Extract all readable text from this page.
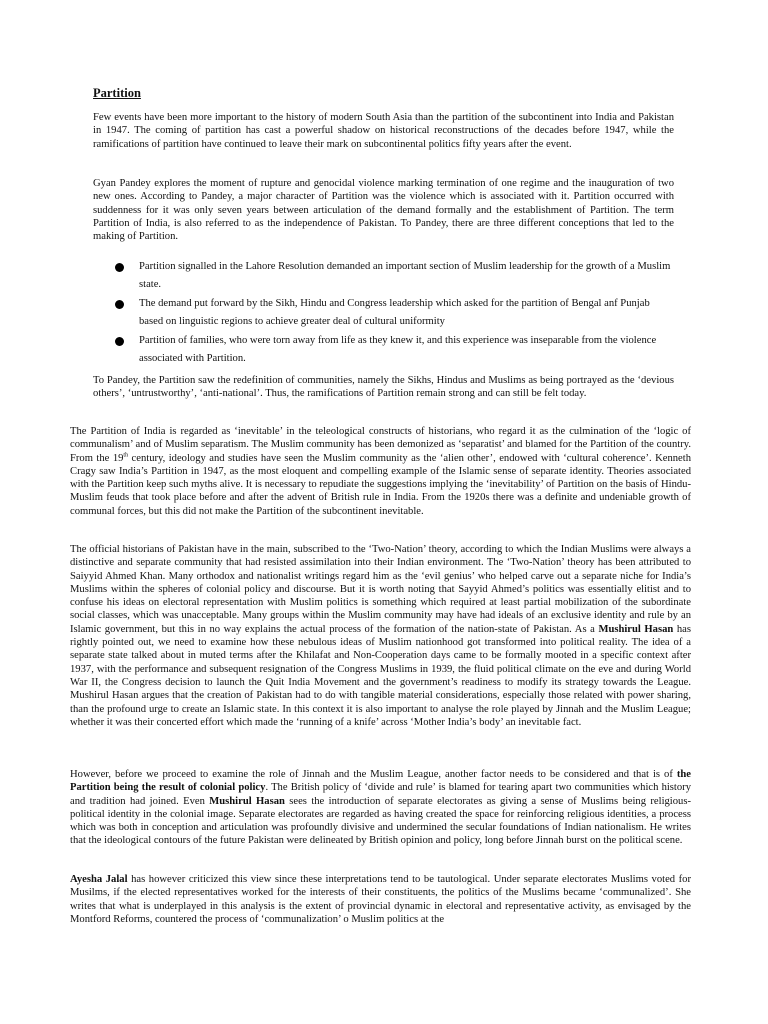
Partition

Few events have been more important to the history of modern South Asia than the partition of the subcontinent into India and Pakistan in 1947. The coming of partition has cast a powerful shadow on historical reconstructions of the decades before 1947, while the ramifications of partition have continued to leave their mark on subcontinental politics fifty years after the event.

Gyan Pandey explores the moment of rupture and genocidal violence marking termination of one regime and the inauguration of two new ones. According to Pandey, a major character of Partition was the violence which is associated with it. Partition occurred with suddenness for it was only seven years between articulation of the demand formally and the establishment of Partition. The term Partition of India, is also referred to as the independence of Pakistan. To Pandey, there are three different conceptions that led to the making of Partition.

Partition signalled in the Lahore Resolution demanded an important section of Muslim leadership for the growth of a Muslim state.
The demand put forward by the Sikh, Hindu and Congress leadership which asked for the partition of Bengal anf Punjab based on linguistic regions to achieve greater deal of cultural uniformity
Partition of families, who were torn away from life as they knew it, and this experience was inseparable from the violence associated with Partition.

To Pandey, the Partition saw the redefinition of communities, namely the Sikhs, Hindus and Muslims as being portrayed as the ‘devious others’, ‘untrustworthy’, ‘anti-national’. Thus, the ramifications of Partition remain strong and can still be felt today.

The Partition of India is regarded as ‘inevitable’ in the teleological constructs of historians, who regard it as the culmination of the ‘logic of communalism’ and of Muslim separatism. The Muslim community has been demonized as ‘separatist’ and blamed for the Partition of the country. From the 19th century, ideology and studies have seen the Muslim community as the ‘alien other’, endowed with ‘cultural coherence’. Kenneth Cragy saw India’s Partition in 1947, as the most eloquent and compelling example of the Islamic sense of separate identity. Theories associated with the Partition keep such myths alive. It is necessary to repudiate the suggestions implying the ‘inevitability’ of Partition on the basis of Hindu-Muslim feuds that took place before and after the advent of British rule in India. From the 1920s there was a definite and undeniable growth of communal forces, but this did not make the Partition of the subcontinent inevitable.

The official historians of Pakistan have in the main, subscribed to the ‘Two-Nation’ theory, according to which the Indian Muslims were always a distinctive and separate community that had resisted assimilation into their Indian environment. The ‘Two-Nation’ theory has been attributed to Saiyyid Ahmed Khan. Many orthodox and nationalist writings regard him as the ‘evil genius’ who helped carve out a separate niche for India’s Muslims within the spheres of colonial policy and discourse. But it is worth noting that Sayyid Ahmed’s politics was essentially elitist and to confuse his ideas on electoral representation with Muslim politics is something which required at least partial mobilization of the subordinate social classes, which was unacceptable. Many groups within the Muslim community may have had ideals of an exclusive identity and rule by an Islamic government, but this in no way explains the actual process of the formation of the nation-state of Pakistan. As a Mushirul Hasan has rightly pointed out, we need to examine how these nebulous ideas of Muslim nationhood got transformed into political reality. The idea of a separate state talked about in muted terms after the Khilafat and Non-Cooperation days came to be formally mooted in a specific context after 1937, with the performance and subsequent resignation of the Congress Muslims in 1939, the fluid political climate on the eve and during World War II, the Congress decision to launch the Quit India Movement and the government’s readiness to modify its strategy towards the League. Mushirul Hasan argues that the creation of Pakistan had to do with tangible material considerations, especially those related with power sharing, than the profound urge to create an Islamic state. In this context it is also important to analyse the role played by Jinnah and the Muslim League; whether it was their concerted effort which made the ‘running of a knife’ across ‘Mother India’s body’ an inevitable fact.

However, before we proceed to examine the role of Jinnah and the Muslim League, another factor needs to be considered and that is of the Partition being the result of colonial policy. The British policy of ‘divide and rule’ is blamed for tearing apart two communities which history and tradition had joined. Even Mushirul Hasan sees the introduction of separate electorates as giving a sense of Muslims being religious-political identity in the colonial image. Separate electorates are regarded as having created the space for reinforcing religious identities, a process which was both in conception and articulation was profoundly divisive and undermined the secular foundations of Indian nationalism. He writes that the ideological contours of the future Pakistan were delineated by British opinion and policy, long before Jinnah burst on the political scene.

Ayesha Jalal has however criticized this view since these interpretations tend to be tautological. Under separate electorates Muslims voted for Musilms, if the elected representatives worked for the interests of their constituents, the politics of the Muslims became ‘communalized’. She writes that what is underplayed in this analysis is the extent of provincial dynamic in electoral and representative activity, as envisaged by the Montford Reforms, countered the process of ‘communalization’ o Muslim politics at the
